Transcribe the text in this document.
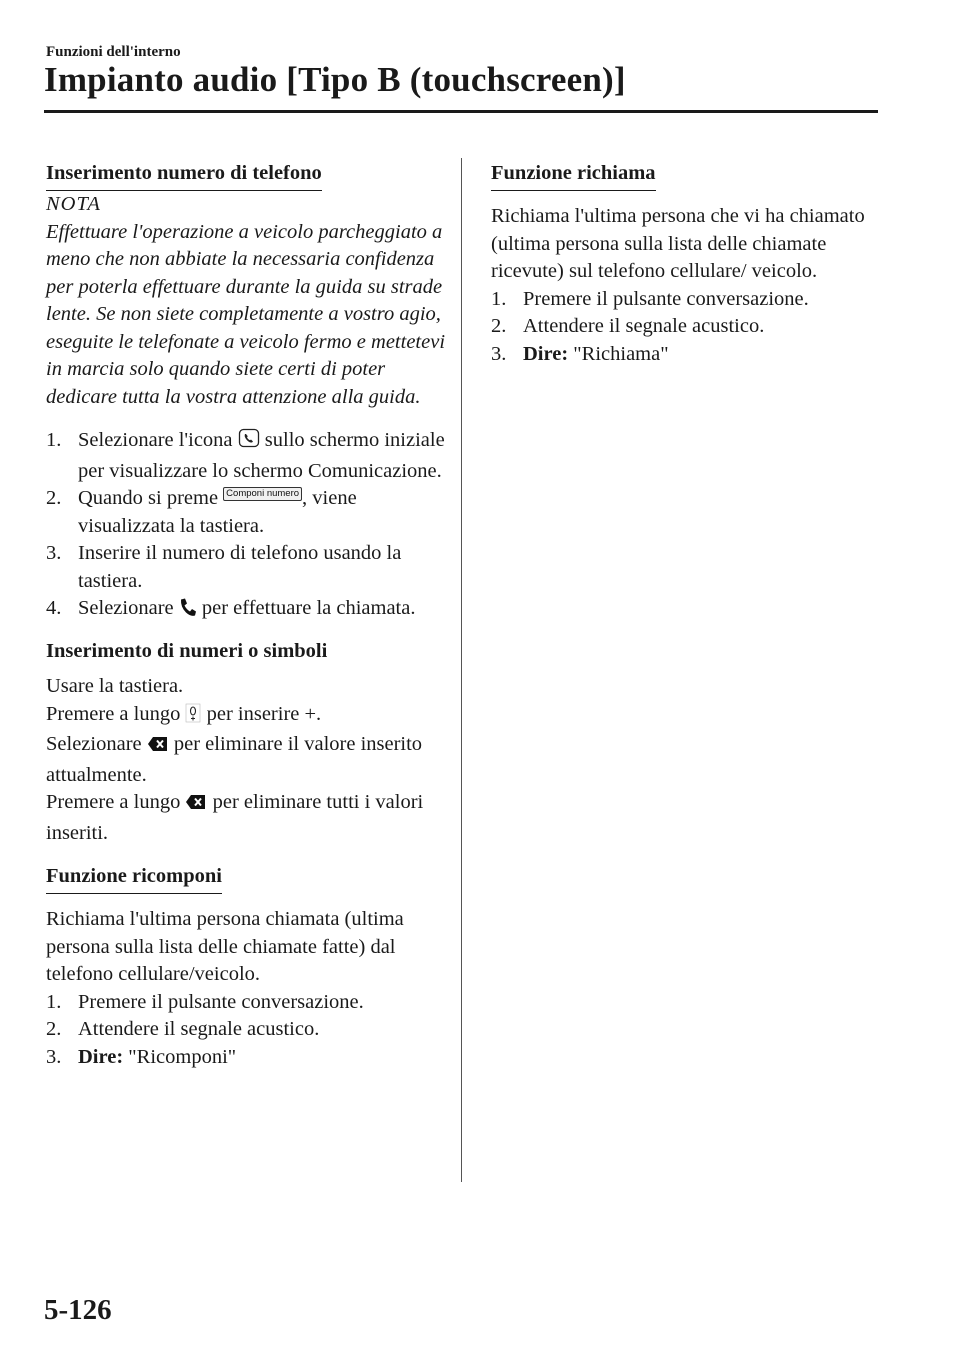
Funzioni dell'interno
Impianto audio [Tipo B (touchscreen)]
Inserimento numero di telefono

NOTA

Effettuare l'operazione a veicolo parcheggiato a meno che non abbiate la necessaria confidenza per poterla effettuare durante la guida su strade lente. Se non siete completamente a vostro agio, eseguite le telefonate a veicolo fermo e mettetevi in marcia solo quando siete certi di poter dedicare tutta la vostra attenzione alla guida.

1. Selezionare l'icona sullo schermo iniziale per visualizzare lo schermo Comunicazione.
2. Quando si preme Componi numero , viene visualizzata la tastiera.
3. Inserire il numero di telefono usando la tastiera.
4. Selezionare per effettuare la chiamata.

Inserimento di numeri o simboli

Usare la tastiera.

Premere a lungo per inserire +.

Selezionare per eliminare il valore inserito attualmente.

Premere a lungo per eliminare tutti i valori inseriti.

Funzione ricomponi

Richiama l'ultima persona chiamata (ultima persona sulla lista delle chiamate fatte) dal telefono cellulare/veicolo.

1. Premere il pulsante conversazione.
2. Attendere il segnale acustico.
3. Dire: "Ricomponi"
Funzione richiama

Richiama l'ultima persona che vi ha chiamato (ultima persona sulla lista delle chiamate ricevute) sul telefono cellulare/ veicolo.

1. Premere il pulsante conversazione.
2. Attendere il segnale acustico.
3. Dire: "Richiama"
5-126
